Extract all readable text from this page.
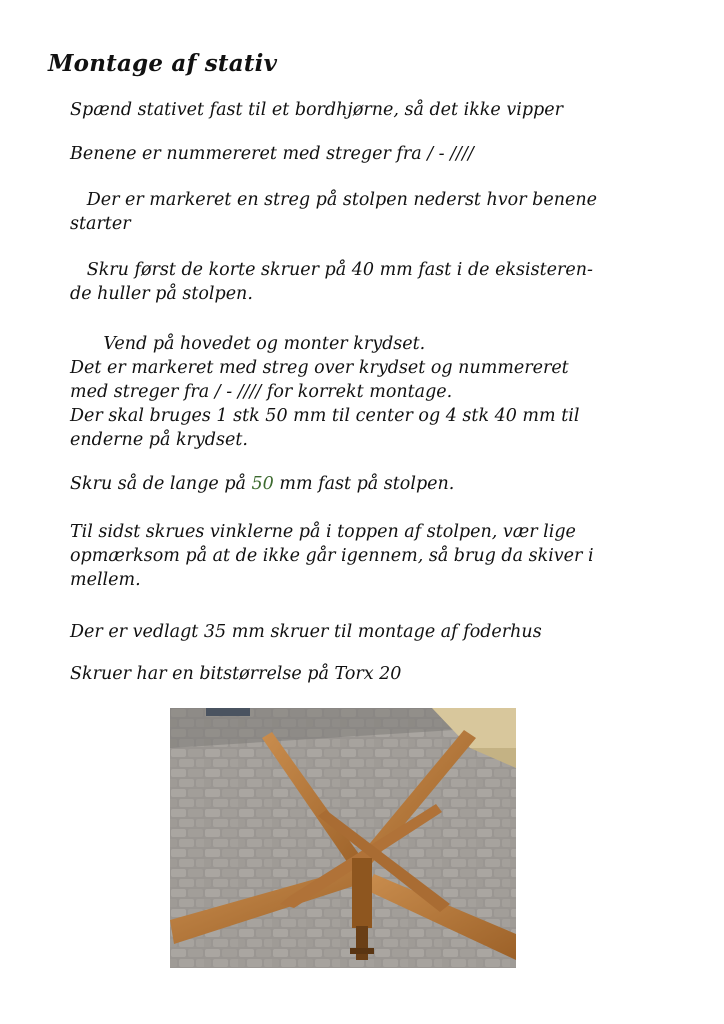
Montage af stativ

Spænd stativet fast til et bordhjørne, så det ikke vipper

Benene er nummereret med streger fra / - ////

Der er markeret en streg på stolpen nederst hvor benene
starter

Skru først de korte skruer på 40 mm fast i de eksisteren-
de huller på stolpen.

Vend på hovedet og monter krydset.
Det er markeret med streg over krydset og nummereret
med streger fra / - //// for korrekt montage.
Der skal bruges 1 stk 50 mm til center og 4 stk 40 mm til
enderne på krydset.

Skru så de lange på 50 mm fast på stolpen.

Til sidst skrues vinklerne på i toppen af stolpen, vær lige
opmærksom på at de ikke går igennem, så brug da skiver i
mellem.

Der er vedlagt 35 mm skruer til montage af foderhus

Skruer har en bitstørrelse på Torx 20
